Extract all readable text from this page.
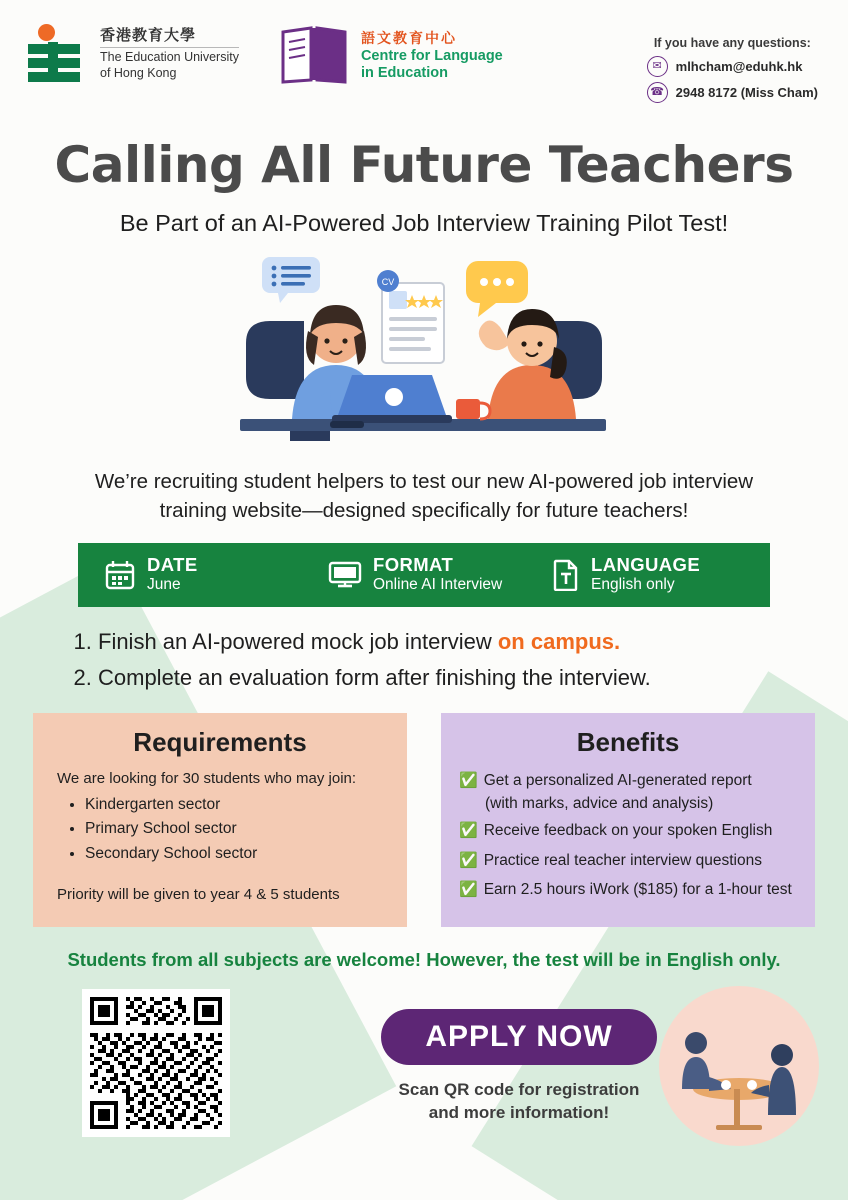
香港教育大學
The Education University
of Hong Kong
語文教育中心
Centre for Language
in Education
If you have any questions:
✉	mlhcham@eduhk.hk
☎ 2948 8172 (Miss Cham)
Calling All Future Teachers
Be Part of an AI-Powered Job Interview Training Pilot Test!
CV
We’re recruiting student helpers to test our new AI-powered job interview
training website—designed specifically for future teachers!
DATE
June
FORMAT
Online AI Interview
LANGUAGE
English only
1. Finish an AI-powered mock job interview on campus.
2. Complete an evaluation form after finishing the interview.
Requirements
We are looking for 30 students who may join:
• Kindergarten sector
• Primary School sector
• Secondary School sector
Priority will be given to year 4 & 5 students
Benefits
✅ Get a personalized AI-generated report
(with marks, advice and analysis)
✅ Receive feedback on your spoken English
✅ Practice real teacher interview questions
✅ Earn 2.5 hours iWork ($185) for a 1-hour test
Students from all subjects are welcome! However, the test will be in English only.
APPLY NOW
Scan QR code for registration
and more information!
